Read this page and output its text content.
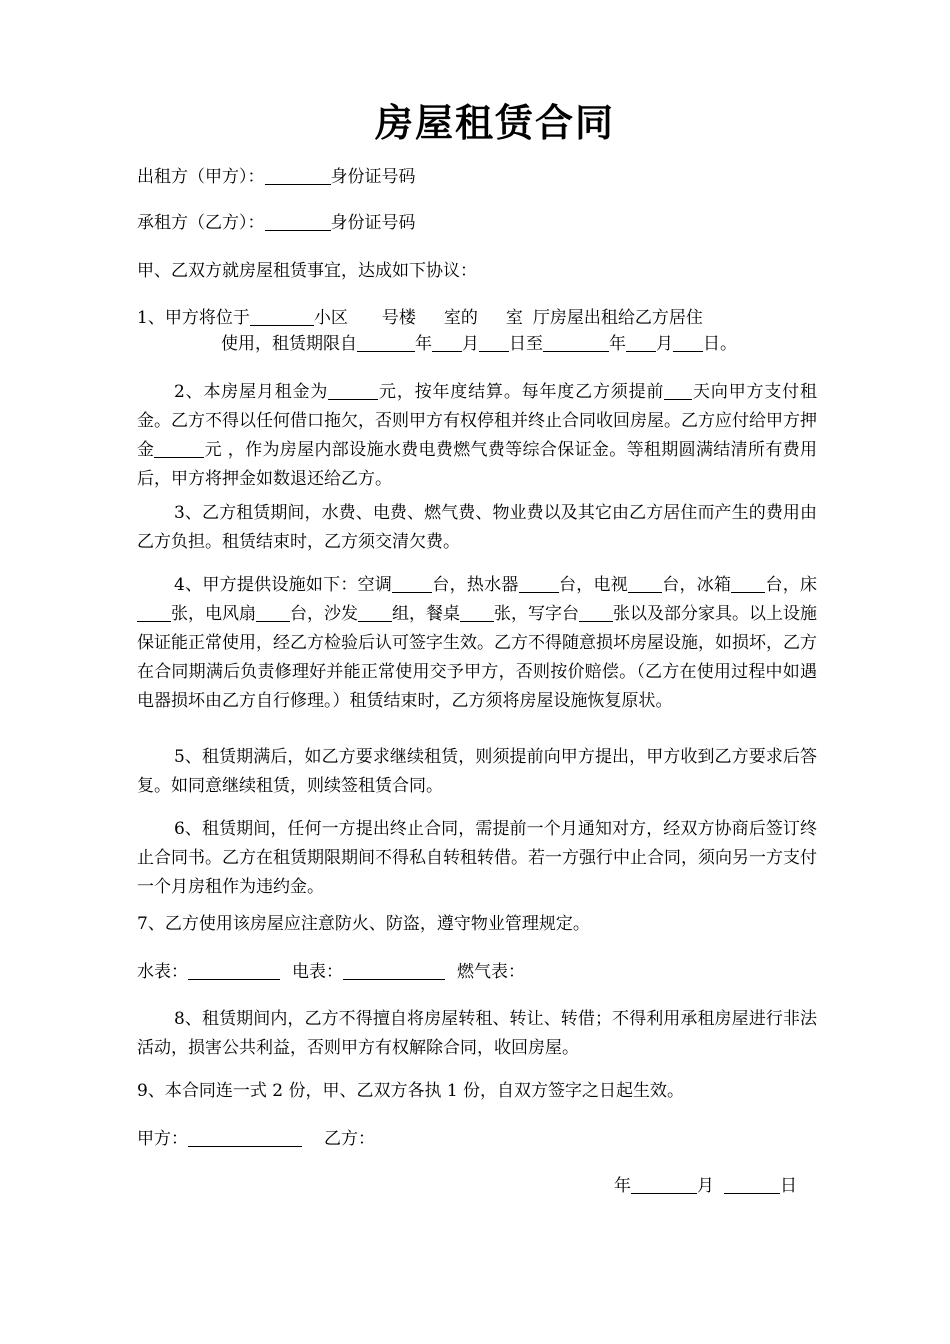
房屋租赁合同
出租方（甲方）：	身份证号码
承租方（乙方）：	身份证号码
甲、乙双方就房屋租赁事宜，达成如下协议：
1、甲方将位于	小区 号楼 室的 室 厅房屋出租给乙方居住
使用，租赁期限自	年 月 日至	年 月 日。
2、本房屋月租金为	元，按年度结算。每年度乙方须提前 天向甲方支付租金。乙方不得以任何借口拖欠，否则甲方有权停租并终止合同收回房屋。乙方应付给甲方押金	元 ，作为房屋内部设施水费电费燃气费等综合保证金。等租期圆满结清所有费用后，甲方将押金如数退还给乙方。
3、乙方租赁期间，水费、电费、燃气费、物业费以及其它由乙方居住而产生的费用由乙方负担。租赁结束时，乙方须交清欠费。
4、甲方提供设施如下：空调 台，热水器 台，电视 台，冰箱 台，床张，电风扇 台，沙发 组，餐桌 张，写字台 张以及部分家具。以上设施保证能正常使用，经乙方检验后认可签字生效。乙方不得随意损坏房屋设施，如损坏，乙方在合同期满后负责修理好并能正常使用交予甲方，否则按价赔偿。（乙方在使用过程中如遇电器损坏由乙方自行修理。）租赁结束时，乙方须将房屋设施恢复原状。
5、租赁期满后，如乙方要求继续租赁，则须提前向甲方提出，甲方收到乙方要求后答复。如同意继续租赁，则续签租赁合同。
6、租赁期间，任何一方提出终止合同，需提前一个月通知对方，经双方协商后签订终止合同书。乙方在租赁期限期间不得私自转租转借。若一方强行中止合同，须向另一方支付一个月房租作为违约金。
7、乙方使用该房屋应注意防火、防盗，遵守物业管理规定。
水表：	电表：	燃气表：
8、租赁期间内，乙方不得擅自将房屋转租、转让、转借；不得利用承租房屋进行非法活动，损害公共利益，否则甲方有权解除合同，收回房屋。
9、本合同连一式 2 份，甲、乙双方各执 1 份，自双方签字之日起生效。
甲方：	乙方：
年	月	日
